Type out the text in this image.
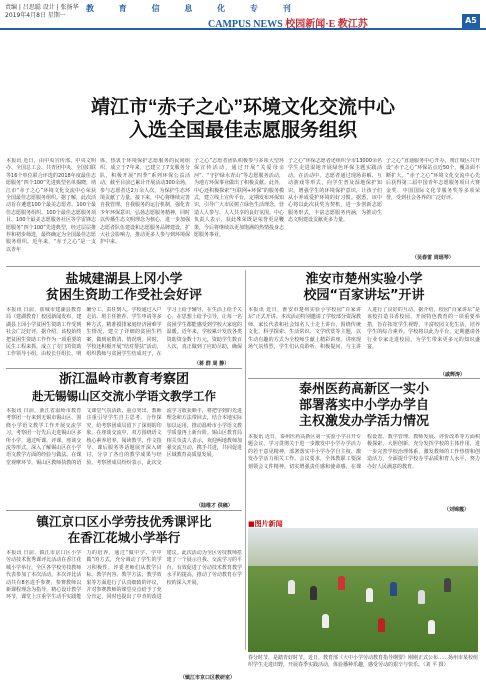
责编 | 吕思聪 设计 | 张扬华
2019年4月8日 星期一
教 育 信 息 化 专 刊
CAMPUS NEWS 校园新闻·E 教江苏	A5
靖江市“赤子之心”环境文化交流中心
入选全国最佳志愿服务组织
本报讯 近日，由中央宣传部、中央文明办、全国总工会、共青团中央、全国妇联等16个单位联合评选的2018年度最佳志愿服务“四个100”先进典型名单揭晓，靖江市“赤子之心”环境文化交流中心荣获全国最佳志愿服务组织。据了解，此次活动旨在遴选100个最美志愿者、100个最佳志愿服务组织、100个最佳志愿服务项目、100个最美志愿服务社区等学雷锋志愿服务“四个100”先进典型，经过层层推荐和初步筛选，最终确定为全国最佳志愿服务组织。近年来，“赤子之心”是一支以青年
体，热衷于环境保护志愿服务的民间组织，成立于7年来，已建立了7支服务分队，积极开展“四季”系列环保公益活动，截至目前已累计开展活动300余场，参与志愿者达2万余人次，为保护生态环境贡献了力量。接下来，中心将继续完善自我管理、自我服务的运行机制，强化青少年环保意识，弘扬志愿服务精神，同时以传播生态文明理念为核心，进一步加强志愿者队伍建设和志愿服务品牌建设，扩大社会影响力，推动更多人参与到环境保护中来。
子之心”志愿者团队积极参与多项大型环保宣传活动，通过开展“关爱母亲河”、“守护绿水青山”等志愿服务活动，为地方环保事业做出了积极贡献。此外，中心还积极探索“互联网+环保”的服务模式，建立线上宣传平台，定期发布环保知识，引导广大市民树立绿色生活理念，营造人人参与、人人共享的良好氛围。中心负责人表示，获此殊荣既是荣誉更是鞭策，今后将继续以更加饱满的热情投身志愿服务事业。
子之心”环保志愿者还组织全市13000余名学生走进湿地开展绿色环保主题实践活动。在活动中，志愿者通过现场讲解、互动游戏等形式，向学生普及湿地保护知识，增强学生的环境保护意识，让孩子们从小养成爱护环境的好习惯。据悉，该中心将以此次获奖为契机，进一步创新志愿服务形式，丰富志愿服务内涵，为推动生态文明建设贡献更多力量。
子之心”直通服务中心开办，靖江城区共开设“赤子之心”环保站点近50个，覆盖面不断扩大。“赤子之心”环境文化交流中心先后获得第二届中国青年志愿服务项目大赛金奖、中国国际文化节服务奖等多项荣誉，受到社会各界的广泛好评。
（吴春雷 周瑶琴）
盐城建湖县上冈小学
贫困生资助工作受社会好评
本报讯 日前，盐城市建湖县教育局（建湖教育）校园新闻发布，建湖县上冈小学贫困生资助工作受到社会广泛好评。据介绍，该校始终把贫困生资助工作作为一项重要的民生工程来抓，成立了专门的资助工作领导小组，由校长任组长，明确分工、责任到人。学校通过入户走访、班主任推荐、学生申请等多种方式，精准摸排家庭经济困难学生情况，建立了详细的贫困生档案，做到底数清、情况明。同时，学校还积极开展“结对帮扶”活动，组织教师与贫困学生结成对子，在学习上给予辅导，在生活上给予关心，在思想上给予引导，让每一名贫困学生都能感受到学校大家庭的温暖。近年来，学校累计发放各类资助资金数十万元，资助学生数百人次，真正做到了应助尽助，确保
（蒋 群 周 静）
淮安市楚州实验小学
校园“百家讲坛”开讲
本报讯 近日，淮安市楚州实验小学校园“百家讲坛”正式开讲。本次活动特别邀请了学校部分资深教师、家长代表和社会知名人士走上讲台，围绕传统文化、科学探索、生活常识、文学欣赏等主题，以生动有趣的方式为全校师生献上精彩讲座。讲座现场气氛热烈，学生们认真聆听、积极提问，与主讲人进行了良好的互动。据介绍，校园“百家讲坛”是该校打造书香校园、开展特色教育的一项重要举措，旨在拓宽学生视野，丰富校园文化生活，培养学生的综合素养。学校将以此为平台，定期邀请各行业专家走进校园，为学生带来更多元的知识盛宴。
（戚辉涛）
浙江温岭市教育考察团
赴无锡锡山区交流小学语文教学工作
本报讯 日前，浙江省温岭市教育考察团一行来到无锡市锡山区，围绕小学语文教学工作开展交流学习。考察团一行先后走进锡山区多所小学，通过听课、评课、座谈交流等形式，深入了解锡山区在小学语文教学方面的经验与做法。在课堂观摩环节，锡山区教师执教的语文课堂气氛活跃、重点突出，教师注重引导学生自主思考、合作探究，给考察团成员留下了深刻的印象。在座谈交流中，双方围绕语文核心素养培养、阅读教学、作文指导、课后服务等话题展开深入研讨，分享了各自的教学成果与经验。考察团成员纷纷表示，此次交流学习收获颇丰，将把学到的先进理念和方法带回去，结合本地实际加以运用，推动温岭市小学语文教学质量再上新台阶。锡山区教育局相关负责人表示，欢迎两地教师加强交流互动，携手共进，共同促进区域教育高质量发展。
（陆维才 供稿）
泰州医药高新区一实小
部署落实中小学办学自
主权激发办学活力情况
本报讯 近日，泰州医药高新区第一实验小学召开专题会议，学习贯彻关于进一步激发中小学办学活力的若干意见精神，部署落实中小学办学自主权、激发办学活力相关工作。会议要求，全体教职工要深刻领会文件精神，切实增强责任感和使命感，在课程设置、教学管理、教师发展、评价改革等方面积极探索，大胆创新，充分发挥学校的主体作用，进一步完善学校治理体系，激发教师的工作热情和创造活力，全面提升学校办学品质和育人水平，努力办好人民满意的教育。
（刘锦霞）
镇江京口区小学劳技优秀课评比
在香江花城小学举行
本报讯 日前，镇江市京口区小学劳动技术优秀课评比活动在香江花城小学举行，全区各学校劳技教师代表参加了本次活动。本次评比活动共有8名选手参赛，参赛教师以新课程理念为指导，精心设计教学环节，课堂上注重学生动手实践能力的培养，通过“做中学、学中做”的方式，充分调动了学生的学习积极性。评委老师们从教学目标、教学内容、教学方法、教学效果等方面进行了认真细致的评议，并对参赛教师的课堂亮点给予了充分肯定，同时也提出了中肯的改进建议。此次活动为全区劳技教师搭建了一个展示自我、交流学习的平台，有效促进了劳动技术教育教学水平的提高，推动了劳动教育在学校的深入开展。
（镇江市京口区教研室）
■图片新闻
春分时节，是踏青好时节。近日，教育部《大中小学劳动教育指导纲要》刚刚正式公布……扬州市某校组织学生走进田野，开展春季实践活动，体验播种乐趣，感受劳动的艰辛与快乐。（刘 平 摄）
